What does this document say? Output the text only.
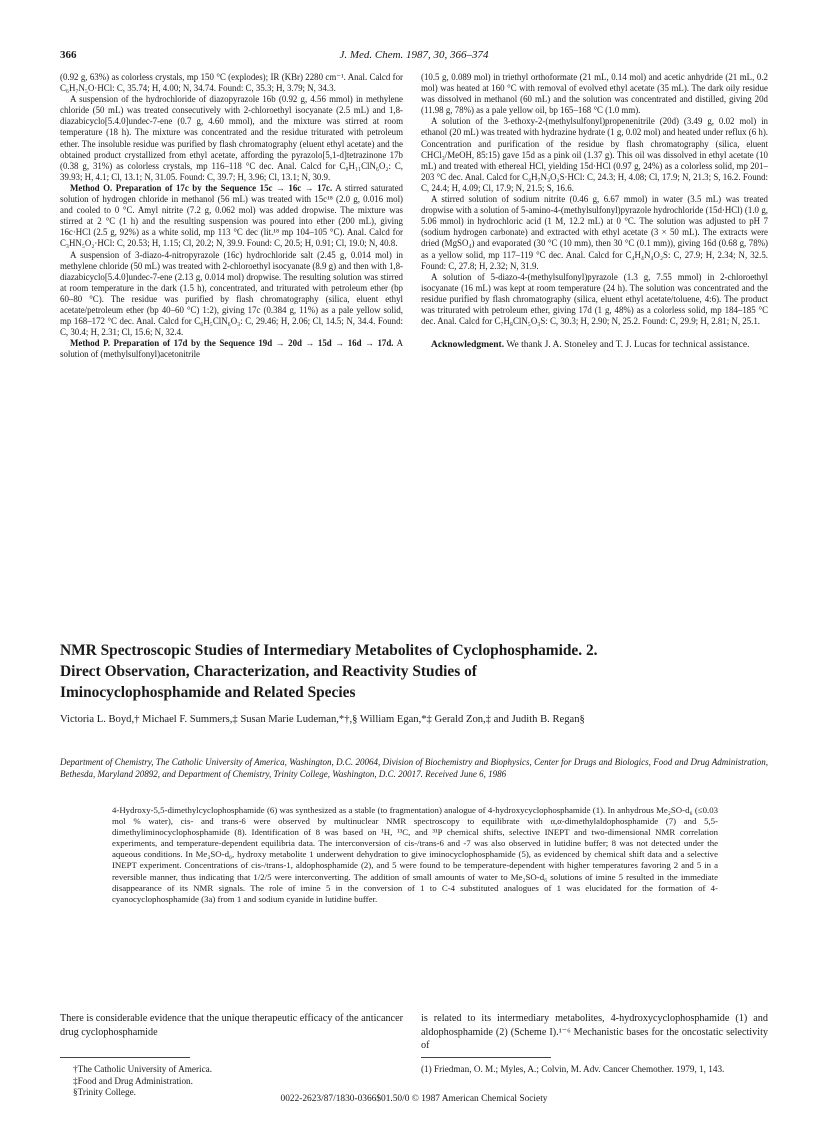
366	J. Med. Chem. 1987, 30, 366–374

(0.92 g, 63%) as colorless crystals, mp 150 °C (explodes); IR (KBr) 2280 cm⁻¹. Anal. Calcd for C₆H₇N₅O·HCl: C, 35.74; H, 4.00; N, 34.74. Found: C, 35.3; H, 3.79; N, 34.3.

A suspension of the hydrochloride of diazopyrazole 16b (0.92 g, 4.56 mmol) in methylene chloride (50 mL) was treated consecutively with 2-chloroethyl isocyanate (2.5 mL) and 1,8-diazabicyclo[5.4.0]undec-7-ene (0.7 g, 4.60 mmol), and the mixture was stirred at room temperature (18 h). The mixture was concentrated and the residue triturated with petroleum ether. The insoluble residue was purified by flash chromatography (eluent ethyl acetate) and the obtained product crystallized from ethyl acetate, affording the pyrazolo[5,1-d]tetrazinone 17b (0.38 g, 31%) as colorless crystals, mp 116–118 °C dec. Anal. Calcd for C₉H₁₁ClN₆O₂: C, 39.93; H, 4.1; Cl, 13.1; N, 31.05. Found: C, 39.7; H, 3.96; Cl, 13.1; N, 30.9.

Method O. Preparation of 17c by the Sequence 15c → 16c → 17c. A stirred saturated solution of hydrogen chloride in methanol (56 mL) was treated with 15c¹⁸ (2.0 g, 0.016 mol) and cooled to 0 °C. Amyl nitrite (7.2 g, 0.062 mol) was added dropwise. The mixture was stirred at 2 °C (1 h) and the resulting suspension was poured into ether (200 mL), giving 16c·HCl (2.5 g, 92%) as a white solid, mp 113 °C dec (lit.¹⁸ mp 104–105 °C). Anal. Calcd for C₃HN₅O₂·HCl: C, 20.53; H, 1.15; Cl, 20.2; N, 39.9. Found: C, 20.5; H, 0.91; Cl, 19.0; N, 40.8.

A suspension of 3-diazo-4-nitropyrazole (16c) hydrochloride salt (2.45 g, 0.014 mol) in methylene chloride (50 mL) was treated with 2-chloroethyl isocyanate (8.9 g) and then with 1,8-diazabicyclo[5.4.0]undec-7-ene (2.13 g, 0.014 mol) dropwise. The resulting solution was stirred at room temperature in the dark (1.5 h), concentrated, and triturated with petroleum ether (bp 60–80 °C). The residue was purified by flash chromatography (silica, eluent ethyl acetate/petroleum ether (bp 40–60 °C) 1:2), giving 17c (0.384 g, 11%) as a pale yellow solid, mp 168–172 °C dec. Anal. Calcd for C₆H₅ClN₆O₃: C, 29.46; H, 2.06; Cl, 14.5; N, 34.4. Found: C, 30.4; H, 2.31; Cl, 15.6; N, 32.4.

Method P. Preparation of 17d by the Sequence 19d → 20d → 15d → 16d → 17d. A solution of (methylsulfonyl)acetonitrile

(10.5 g, 0.089 mol) in triethyl orthoformate (21 mL, 0.14 mol) and acetic anhydride (21 mL, 0.2 mol) was heated at 160 °C with removal of evolved ethyl acetate (35 mL). The dark oily residue was dissolved in methanol (60 mL) and the solution was concentrated and distilled, giving 20d (11.98 g, 78%) as a pale yellow oil, bp 165–168 °C (1.0 mm).

A solution of the 3-ethoxy-2-(methylsulfonyl)propenenitrile (20d) (3.49 g, 0.02 mol) in ethanol (20 mL) was treated with hydrazine hydrate (1 g, 0.02 mol) and heated under reflux (6 h). Concentration and purification of the residue by flash chromatography (silica, eluent CHCl₃/MeOH, 85:15) gave 15d as a pink oil (1.37 g). This oil was dissolved in ethyl acetate (10 mL) and treated with ethereal HCl, yielding 15d·HCl (0.97 g, 24%) as a colorless solid, mp 201–203 °C dec. Anal. Calcd for C₄H₇N₃O₂S·HCl: C, 24.3; H, 4.08; Cl, 17.9; N, 21.3; S, 16.2. Found: C, 24.4; H, 4.09; Cl, 17.9; N, 21.5; S, 16.6.

A stirred solution of sodium nitrite (0.46 g, 6.67 mmol) in water (3.5 mL) was treated dropwise with a solution of 5-amino-4-(methylsulfonyl)pyrazole hydrochloride (15d·HCl) (1.0 g, 5.06 mmol) in hydrochloric acid (1 M, 12.2 mL) at 0 °C. The solution was adjusted to pH 7 (sodium hydrogen carbonate) and extracted with ethyl acetate (3 × 50 mL). The extracts were dried (MgSO₄) and evaporated (30 °C (10 mm), then 30 °C (0.1 mm)), giving 16d (0.68 g, 78%) as a yellow solid, mp 117–119 °C dec. Anal. Calcd for C₄H₄N₄O₂S: C, 27.9; H, 2.34; N, 32.5. Found: C, 27.8; H, 2.32; N, 31.9.

A solution of 5-diazo-4-(methylsulfonyl)pyrazole (1.3 g, 7.55 mmol) in 2-chloroethyl isocyanate (16 mL) was kept at room temperature (24 h). The solution was concentrated and the residue purified by flash chromatography (silica, eluent ethyl acetate/toluene, 4:6). The product was triturated with petroleum ether, giving 17d (1 g, 48%) as a colorless solid, mp 184–185 °C dec. Anal. Calcd for C₇H₈ClN₅O₃S: C, 30.3; H, 2.90; N, 25.2. Found: C, 29.9; H, 2.81; N, 25.1.

Acknowledgment. We thank J. A. Stoneley and T. J. Lucas for technical assistance.

NMR Spectroscopic Studies of Intermediary Metabolites of Cyclophosphamide. 2.
Direct Observation, Characterization, and Reactivity Studies of
Iminocyclophosphamide and Related Species
Victoria L. Boyd,† Michael F. Summers,‡ Susan Marie Ludeman,*†,§ William Egan,*‡ Gerald Zon,‡ and Judith B. Regan§
Department of Chemistry, The Catholic University of America, Washington, D.C. 20064, Division of Biochemistry and Biophysics, Center for Drugs and Biologics, Food and Drug Administration, Bethesda, Maryland 20892, and Department of Chemistry, Trinity College, Washington, D.C. 20017. Received June 6, 1986
4-Hydroxy-5,5-dimethylcyclophosphamide (6) was synthesized as a stable (to fragmentation) analogue of 4-hydroxycyclophosphamide (1). In anhydrous Me₂SO-d₆ (≤0.03 mol % water), cis- and trans-6 were observed by multinuclear NMR spectroscopy to equilibrate with α,α-dimethylaldophosphamide (7) and 5,5-dimethyliminocyclophosphamide (8). Identification of 8 was based on ¹H, ¹³C, and ³¹P chemical shifts, selective INEPT and two-dimensional NMR correlation experiments, and temperature-dependent equilibria data. The interconversion of cis-/trans-6 and -7 was also observed in lutidine buffer; 8 was not detected under the aqueous conditions. In Me₂SO-d₆, hydroxy metabolite 1 underwent dehydration to give iminocyclophosphamide (5), as evidenced by chemical shift data and a selective INEPT experiment. Concentrations of cis-/trans-1, aldophosphamide (2), and 5 were found to be temperature-dependent with higher temperatures favoring 2 and 5 in a reversible manner, thus indicating that 1/2/5 were interconverting. The addition of small amounts of water to Me₂SO-d₆ solutions of imine 5 resulted in the immediate disappearance of its NMR signals. The role of imine 5 in the conversion of 1 to C-4 substituted analogues of 1 was elucidated for the formation of 4-cyanocyclophosphamide (3a) from 1 and sodium cyanide in lutidine buffer.
There is considerable evidence that the unique therapeutic efficacy of the anticancer drug cyclophosphamide
is related to its intermediary metabolites, 4-hydroxycyclophosphamide (1) and aldophosphamide (2) (Scheme I).¹⁻⁶ Mechanistic bases for the oncostatic selectivity of
†The Catholic University of America.
‡Food and Drug Administration.
§Trinity College.
(1) Friedman, O. M.; Myles, A.; Colvin, M. Adv. Cancer Chemother. 1979, 1, 143.
0022-2623/87/1830-0366$01.50/0 © 1987 American Chemical Society
